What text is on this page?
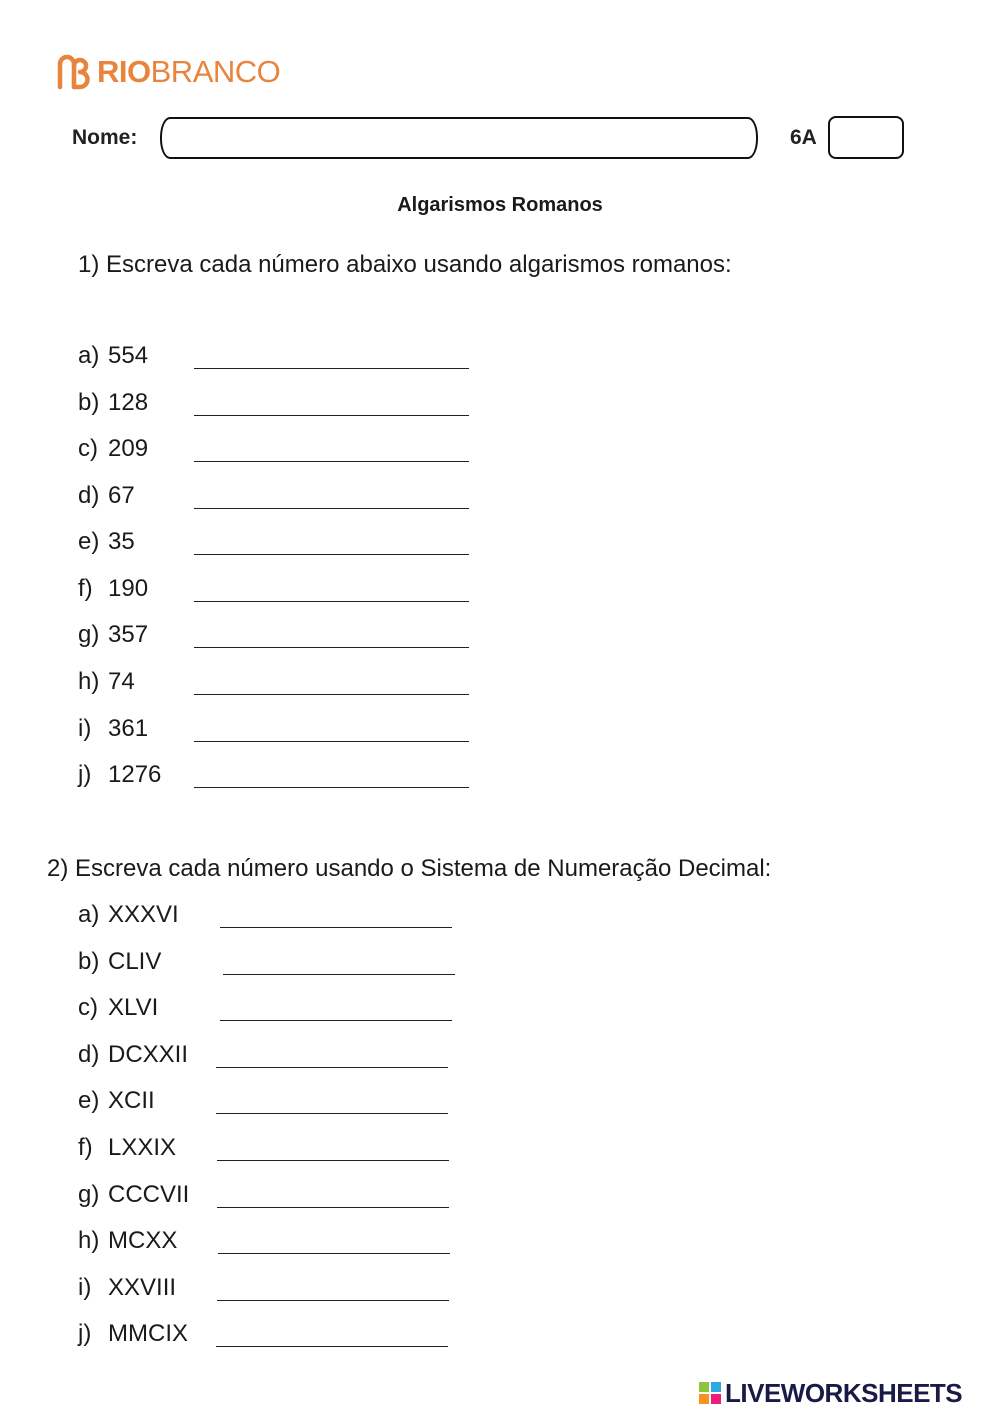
RIO BRANCO
Nome:	6A
Algarismos Romanos
1) Escreva cada número abaixo usando algarismos romanos:
a) 554
b) 128
c) 209
d) 67
e) 35
f) 190
g) 357
h) 74
i) 361
j) 1276
2) Escreva cada número usando o Sistema de Numeração Decimal:
a) XXXVI
b) CLIV
c) XLVI
d) DCXXII
e) XCII
f) LXXIX
g) CCCVII
h) MCXX
i) XXVIII
j) MMCIX
LIVEWORKSHEETS
